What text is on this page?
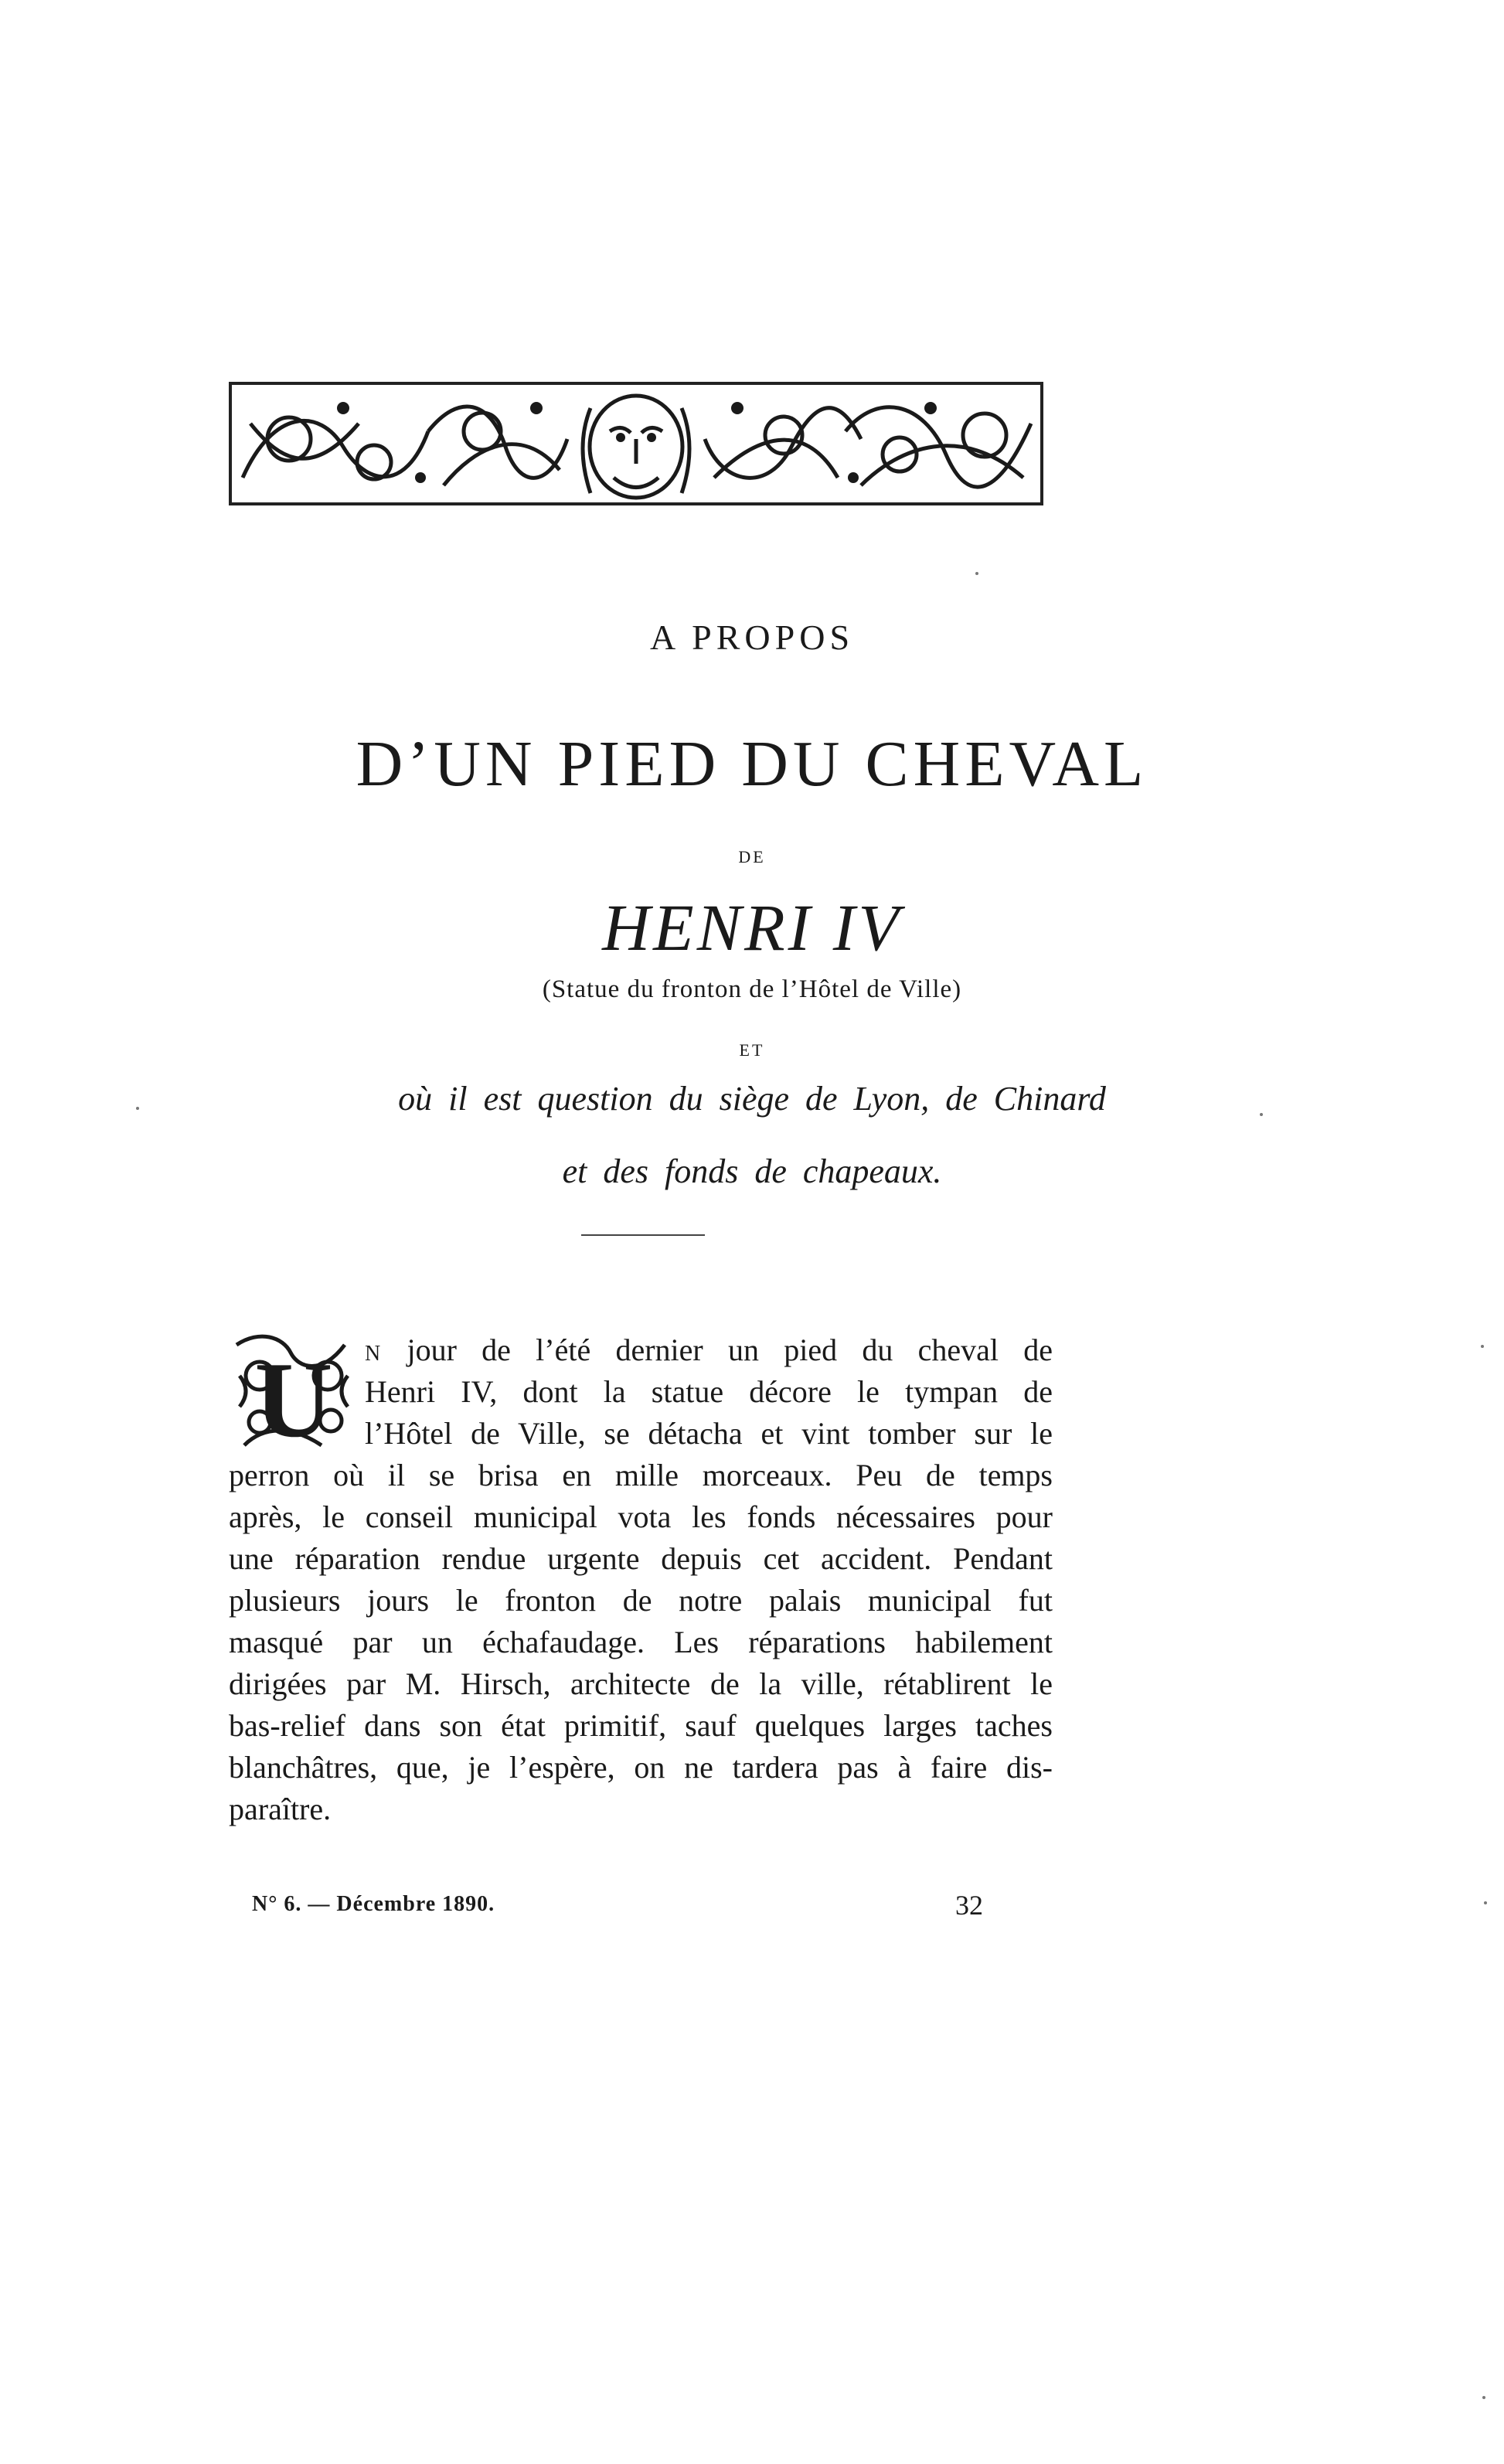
A PROPOS
D’UN PIED DU CHEVAL
DE
HENRI IV
(Statue du fronton de l’Hôtel de Ville)
ET
où il est question du siège de Lyon, de Chinard
et des fonds de chapeaux.
U	N jour de l’été dernier un pied du cheval de
Henri IV, dont la statue décore le tympan de
l’Hôtel de Ville, se détacha et vint tomber sur le
perron où il se brisa en mille morceaux. Peu de temps
après, le conseil municipal vota les fonds nécessaires pour
une réparation rendue urgente depuis cet accident. Pendant
plusieurs jours le fronton de notre palais municipal fut
masqué par un échafaudage. Les réparations habilement
dirigées par M. Hirsch, architecte de la ville, rétablirent le
bas-relief dans son état primitif, sauf quelques larges taches
blanchâtres, que, je l’espère, on ne tardera pas à faire dis-
paraître.
N° 6. — Décembre 1890.	32
